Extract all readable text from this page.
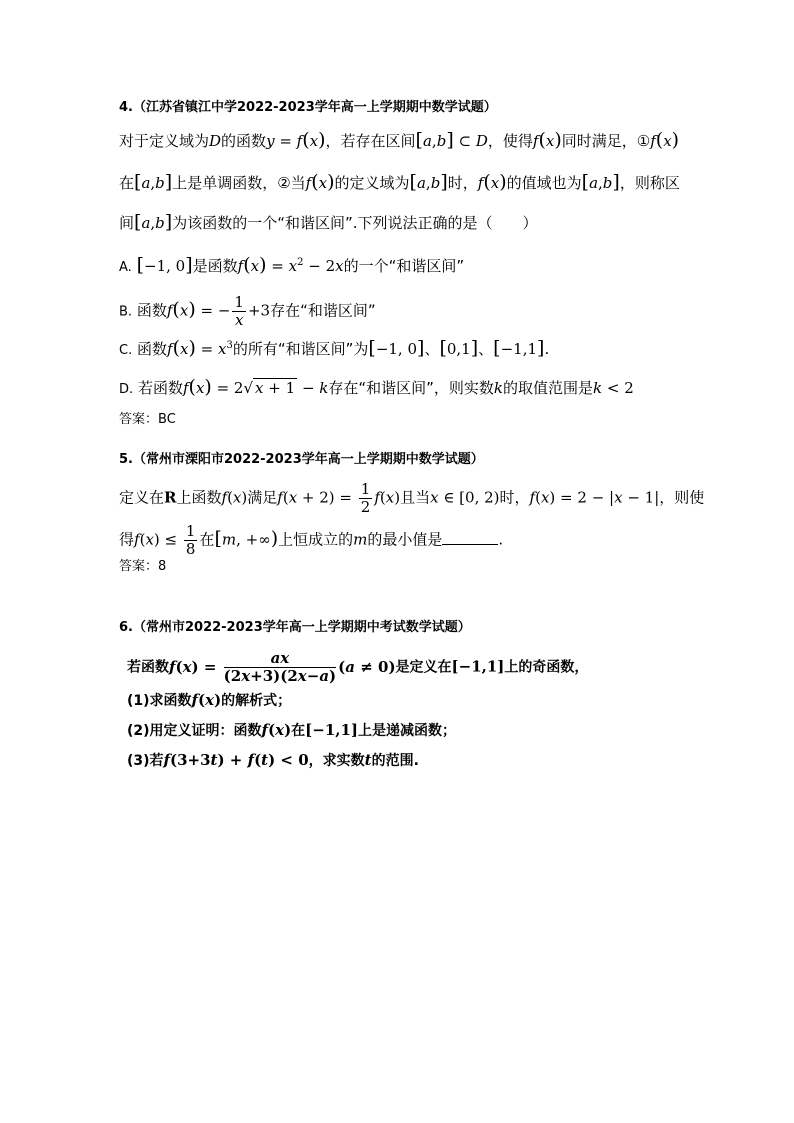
4.（江苏省镇江中学2022-2023学年高一上学期期中数学试题）
对于定义域为D的函数y = f(x)，若存在区间[a,b] ⊂ D，使得f(x)同时满足，①f(x)
在[a,b]上是单调函数，②当f(x)的定义域为[a,b]时，f(x)的值域也为[a,b]，则称区
间[a,b]为该函数的一个“和谐区间”.下列说法正确的是（　　）
A. [−1, 0]是函数$f(x) = x^2 - 2x$的一个“和谐区间”
B. 函数f(x) = − $\frac{1}{x} +3$存在“和谐区间”
C. 函数$f(x) = x^3$的所有“和谐区间”为[−1, 0]、[0,1]、[−1,1].
D. 若函数f(x) = 2√ x + 1 − k存在“和谐区间”，则实数k的取值范围是k < 2
答案：BC
5.（常州市溧阳市2022-2023学年高一上学期期中数学试题）
定义在R上函数f(x)满足$f(x + 2) = \frac{1}{2} f(x)$且当x ∈ [0, 2)时，f(x) = 2 − |x − 1|，则使
得$f(x) \le \frac{1}{8}$ 在[m, +∞)上恒成立的m的最小值是	.
答案：8
6.（常州市2022-2023学年高一上学期期中考试数学试题）
若函数$f(x) = \frac{ax}{(2x+3)(2x-a)} (a \ne 0)$是定义在[−1,1]上的奇函数，
(1)求函数f(x)的解析式；
(2)用定义证明：函数f(x)在[−1,1]上是递减函数；
(3)若f(3+3t) + f(t) < 0，求实数t的范围.
